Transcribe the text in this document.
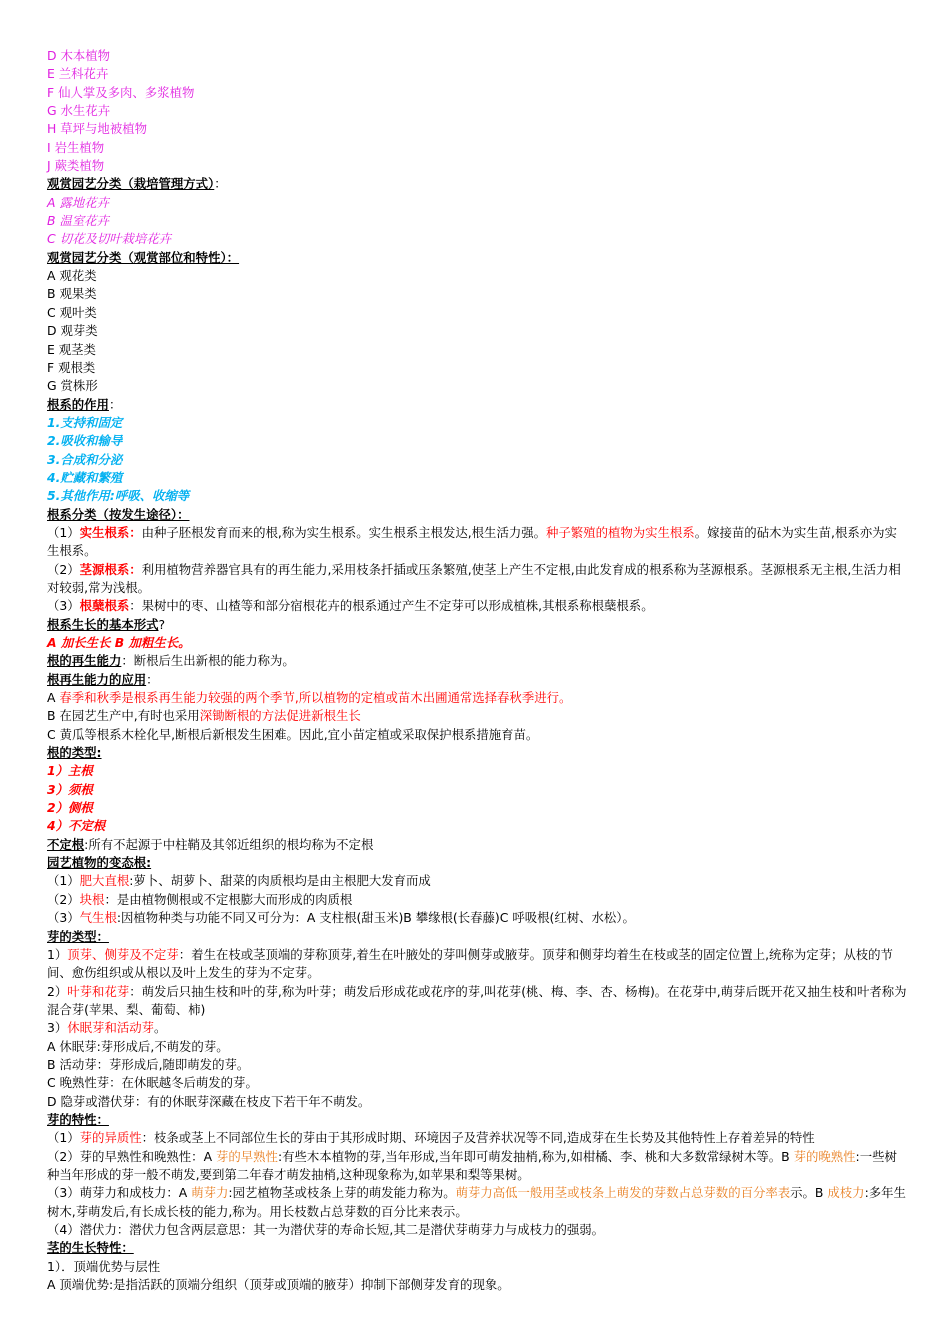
D 木本植物

E 兰科花卉

F 仙人掌及多肉、多浆植物

G 水生花卉

H 草坪与地被植物

I 岩生植物

J 蕨类植物

观赏园艺分类（栽培管理方式）：

A 露地花卉

B 温室花卉

C 切花及切叶栽培花卉

观赏园艺分类（观赏部位和特性）：

A 观花类

B 观果类

C 观叶类

D 观芽类

E 观茎类

F 观根类

G 赏株形

根系的作用：

1.支持和固定

2.吸收和输导

3.合成和分泌

4.贮藏和繁殖

5.其他作用:呼吸、收缩等

根系分类（按发生途径）：

（1）实生根系：由种子胚根发育而来的根,称为实生根系。实生根系主根发达,根生活力强。种子繁殖的植物为实生根系。嫁接苗的砧木为实生苗,根系亦为实生根系。

（2）茎源根系：利用植物营养器官具有的再生能力,采用枝条扦插或压条繁殖,使茎上产生不定根,由此发育成的根系称为茎源根系。茎源根系无主根,生活力相对较弱,常为浅根。

（3）根蘖根系：果树中的枣、山楂等和部分宿根花卉的根系通过产生不定芽可以形成植株,其根系称根蘖根系。

根系生长的基本形式?

A 加长生长 B 加粗生长。

根的再生能力：断根后生出新根的能力称为。

根再生能力的应用：

A 春季和秋季是根系再生能力较强的两个季节,所以植物的定植或苗木出圃通常选择春秋季进行。

B 在园艺生产中,有时也采用深锄断根的方法促进新根生长

C 黄瓜等根系木栓化早,断根后新根发生困难。因此,宜小苗定植或采取保护根系措施育苗。

根的类型:

1）主根

3）须根

2）侧根

4）不定根

不定根:所有不起源于中柱鞘及其邻近组织的根均称为不定根

园艺植物的变态根:

（1）肥大直根:萝卜、胡萝卜、甜菜的肉质根均是由主根肥大发育而成

（2）块根：是由植物侧根或不定根膨大而形成的肉质根

（3）气生根:因植物种类与功能不同又可分为：A 支柱根(甜玉米)B 攀缘根(长春藤)C 呼吸根(红树、水松）。

芽的类型：

1）顶芽、侧芽及不定芽：着生在枝或茎顶端的芽称顶芽,着生在叶腋处的芽叫侧芽或腋芽。顶芽和侧芽均着生在枝或茎的固定位置上,统称为定芽；从枝的节间、愈伤组织或从根以及叶上发生的芽为不定芽。

2）叶芽和花芽：萌发后只抽生枝和叶的芽,称为叶芽；萌发后形成花或花序的芽,叫花芽(桃、梅、李、杏、杨梅)。在花芽中,萌芽后既开花又抽生枝和叶者称为混合芽(苹果、梨、葡萄、柿)

3）休眠芽和活动芽。

A 休眠芽:芽形成后,不萌发的芽。

B 活动芽：芽形成后,随即萌发的芽。

C 晚熟性芽：在休眠越冬后萌发的芽。

D 隐芽或潜伏芽：有的休眠芽深藏在枝皮下若干年不萌发。

芽的特性：

（1）芽的异质性：枝条或茎上不同部位生长的芽由于其形成时期、环境因子及营养状况等不同,造成芽在生长势及其他特性上存着差异的特性

（2）芽的早熟性和晚熟性：A 芽的早熟性:有些木本植物的芽,当年形成,当年即可萌发抽梢,称为,如柑橘、李、桃和大多数常绿树木等。B 芽的晚熟性:一些树种当年形成的芽一般不萌发,要到第二年春才萌发抽梢,这种现象称为,如苹果和梨等果树。

（3）萌芽力和成枝力：A 萌芽力:园艺植物茎或枝条上芽的萌发能力称为。萌芽力高低一般用茎或枝条上萌发的芽数占总芽数的百分率表示。B 成枝力:多年生树木,芽萌发后,有长成长枝的能力,称为。用长枝数占总芽数的百分比来表示。

（4）潜伏力：潜伏力包含两层意思：其一为潜伏芽的寿命长短,其二是潜伏芽萌芽力与成枝力的强弱。

茎的生长特性：

1）．顶端优势与层性

A 顶端优势:是指活跃的顶端分组织（顶芽或顶端的腋芽）抑制下部侧芽发育的现象。
